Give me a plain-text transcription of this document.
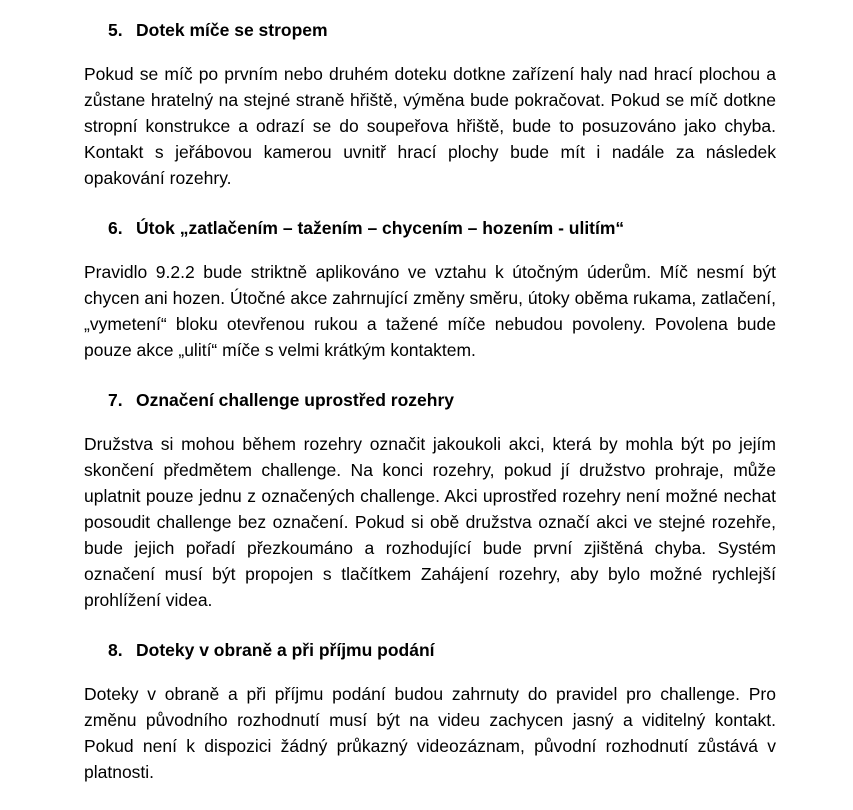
5. Dotek míče se stropem

Pokud se míč po prvním nebo druhém doteku dotkne zařízení haly nad hrací plochou a zůstane hratelný na stejné straně hřiště, výměna bude pokračovat. Pokud se míč dotkne stropní konstrukce a odrazí se do soupeřova hřiště, bude to posuzováno jako chyba. Kontakt s jeřábovou kamerou uvnitř hrací plochy bude mít i nadále za následek opakování rozehry.

6. Útok „zatlačením – tažením – chycením – hozením - ulitím“

Pravidlo 9.2.2 bude striktně aplikováno ve vztahu k útočným úderům. Míč nesmí být chycen ani hozen. Útočné akce zahrnující změny směru, útoky oběma rukama, zatlačení, „vymetení“ bloku otevřenou rukou a tažené míče nebudou povoleny. Povolena bude pouze akce „ulití“ míče s velmi krátkým kontaktem.

7. Označení challenge uprostřed rozehry

Družstva si mohou během rozehry označit jakoukoli akci, která by mohla být po jejím skončení předmětem challenge. Na konci rozehry, pokud jí družstvo prohraje, může uplatnit pouze jednu z označených challenge. Akci uprostřed rozehry není možné nechat posoudit challenge bez označení. Pokud si obě družstva označí akci ve stejné rozehře, bude jejich pořadí přezkoumáno a rozhodující bude první zjištěná chyba. Systém označení musí být propojen s tlačítkem Zahájení rozehry, aby bylo možné rychlejší prohlížení videa.

8. Doteky v obraně a při příjmu podání

Doteky v obraně a při příjmu podání budou zahrnuty do pravidel pro challenge. Pro změnu původního rozhodnutí musí být na videu zachycen jasný a viditelný kontakt. Pokud není k dispozici žádný průkazný videozáznam, původní rozhodnutí zůstává v platnosti.
